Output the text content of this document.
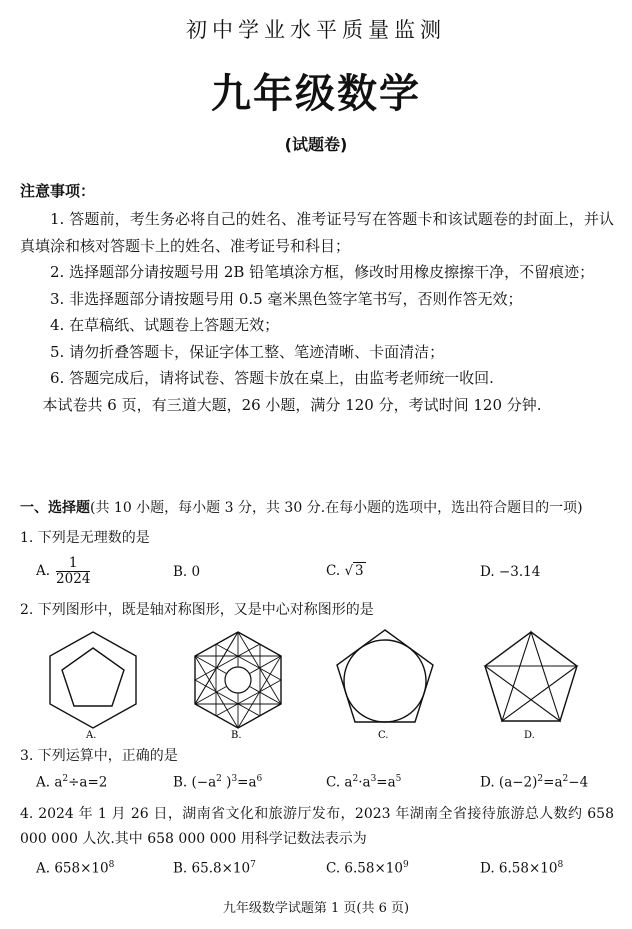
初中学业水平质量监测
九年级数学
(试题卷)
注意事项：

1. 答题前，考生务必将自己的姓名、准考证号写在答题卡和该试题卷的封面上，并认真填涂和核对答题卡上的姓名、准考证号和科目；

2. 选择题部分请按题号用 2B 铅笔填涂方框，修改时用橡皮擦擦干净，不留痕迹；

3. 非选择题部分请按题号用 0.5 毫米黑色签字笔书写，否则作答无效；

4. 在草稿纸、试题卷上答题无效；

5. 请勿折叠答题卡，保证字体工整、笔迹清晰、卡面清洁；

6. 答题完成后，请将试卷、答题卡放在桌上，由监考老师统一收回.

本试卷共 6 页，有三道大题，26 小题，满分 120 分，考试时间 120 分钟.

一、选择题(共 10 小题，每小题 3 分，共 30 分.在每小题的选项中，选出符合题目的一项)
1. 下列是无理数的是
A. $\frac{1}{2024}$	B. 0	C. √ 3	D. −3.14
2. 下列图形中，既是轴对称图形，又是中心对称图形的是
A.	B.	C.	D.
3. 下列运算中，正确的是
A. $a^2\div a=2$	B. ($-a^2$ )$^3=a^6$	C. $a^2\cdot a^3=a^5$	D. $(a-2)^2=a^2-4$
4. 2024 年 1 月 26 日，湖南省文化和旅游厅发布，2023 年湖南全省接待旅游总人数约 658 000 000 人次.其中 658 000 000 用科学记数法表示为
A. $658\times 10^8$	B. $65.8\times 10^7$	C. $6.58\times 10^9$	D. $6.58\times 10^8$
九年级数学试题第 1 页(共 6 页)
